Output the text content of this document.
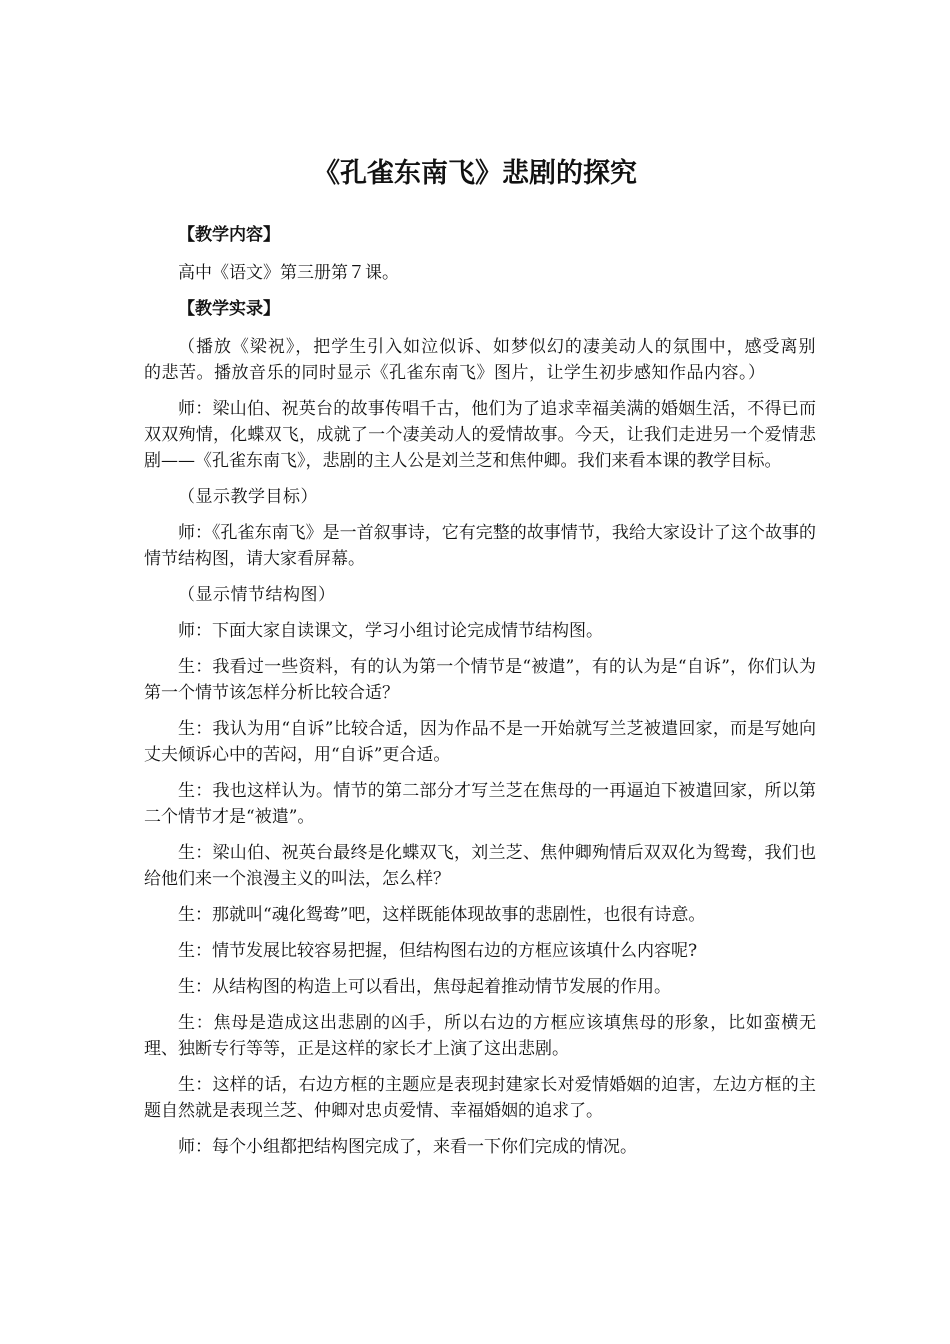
《孔雀东南飞》悲剧的探究

【教学内容】

高中《语文》第三册第７课。

【教学实录】

（播放《梁祝》，把学生引入如泣似诉、如梦似幻的凄美动人的氛围中，感受离别的悲苦。播放音乐的同时显示《孔雀东南飞》图片，让学生初步感知作品内容。）

师：梁山伯、祝英台的故事传唱千古，他们为了追求幸福美满的婚姻生活，不得已而双双殉情，化蝶双飞，成就了一个凄美动人的爱情故事。今天，让我们走进另一个爱情悲剧——《孔雀东南飞》，悲剧的主人公是刘兰芝和焦仲卿。我们来看本课的教学目标。

（显示教学目标）

师：《孔雀东南飞》是一首叙事诗，它有完整的故事情节，我给大家设计了这个故事的情节结构图，请大家看屏幕。

（显示情节结构图）

师：下面大家自读课文，学习小组讨论完成情节结构图。

生：我看过一些资料，有的认为第一个情节是“被遣”，有的认为是“自诉”，你们认为第一个情节该怎样分析比较合适？

生：我认为用“自诉”比较合适，因为作品不是一开始就写兰芝被遣回家，而是写她向丈夫倾诉心中的苦闷，用“自诉”更合适。

生：我也这样认为。情节的第二部分才写兰芝在焦母的一再逼迫下被遣回家，所以第二个情节才是“被遣”。

生：梁山伯、祝英台最终是化蝶双飞，刘兰芝、焦仲卿殉情后双双化为鸳鸯，我们也给他们来一个浪漫主义的叫法，怎么样？

生：那就叫“魂化鸳鸯”吧，这样既能体现故事的悲剧性，也很有诗意。

生：情节发展比较容易把握，但结构图右边的方框应该填什么内容呢?

生：从结构图的构造上可以看出，焦母起着推动情节发展的作用。

生：焦母是造成这出悲剧的凶手，所以右边的方框应该填焦母的形象，比如蛮横无理、独断专行等等，正是这样的家长才上演了这出悲剧。

生：这样的话，右边方框的主题应是表现封建家长对爱情婚姻的迫害，左边方框的主题自然就是表现兰芝、仲卿对忠贞爱情、幸福婚姻的追求了。

师：每个小组都把结构图完成了，来看一下你们完成的情况。
